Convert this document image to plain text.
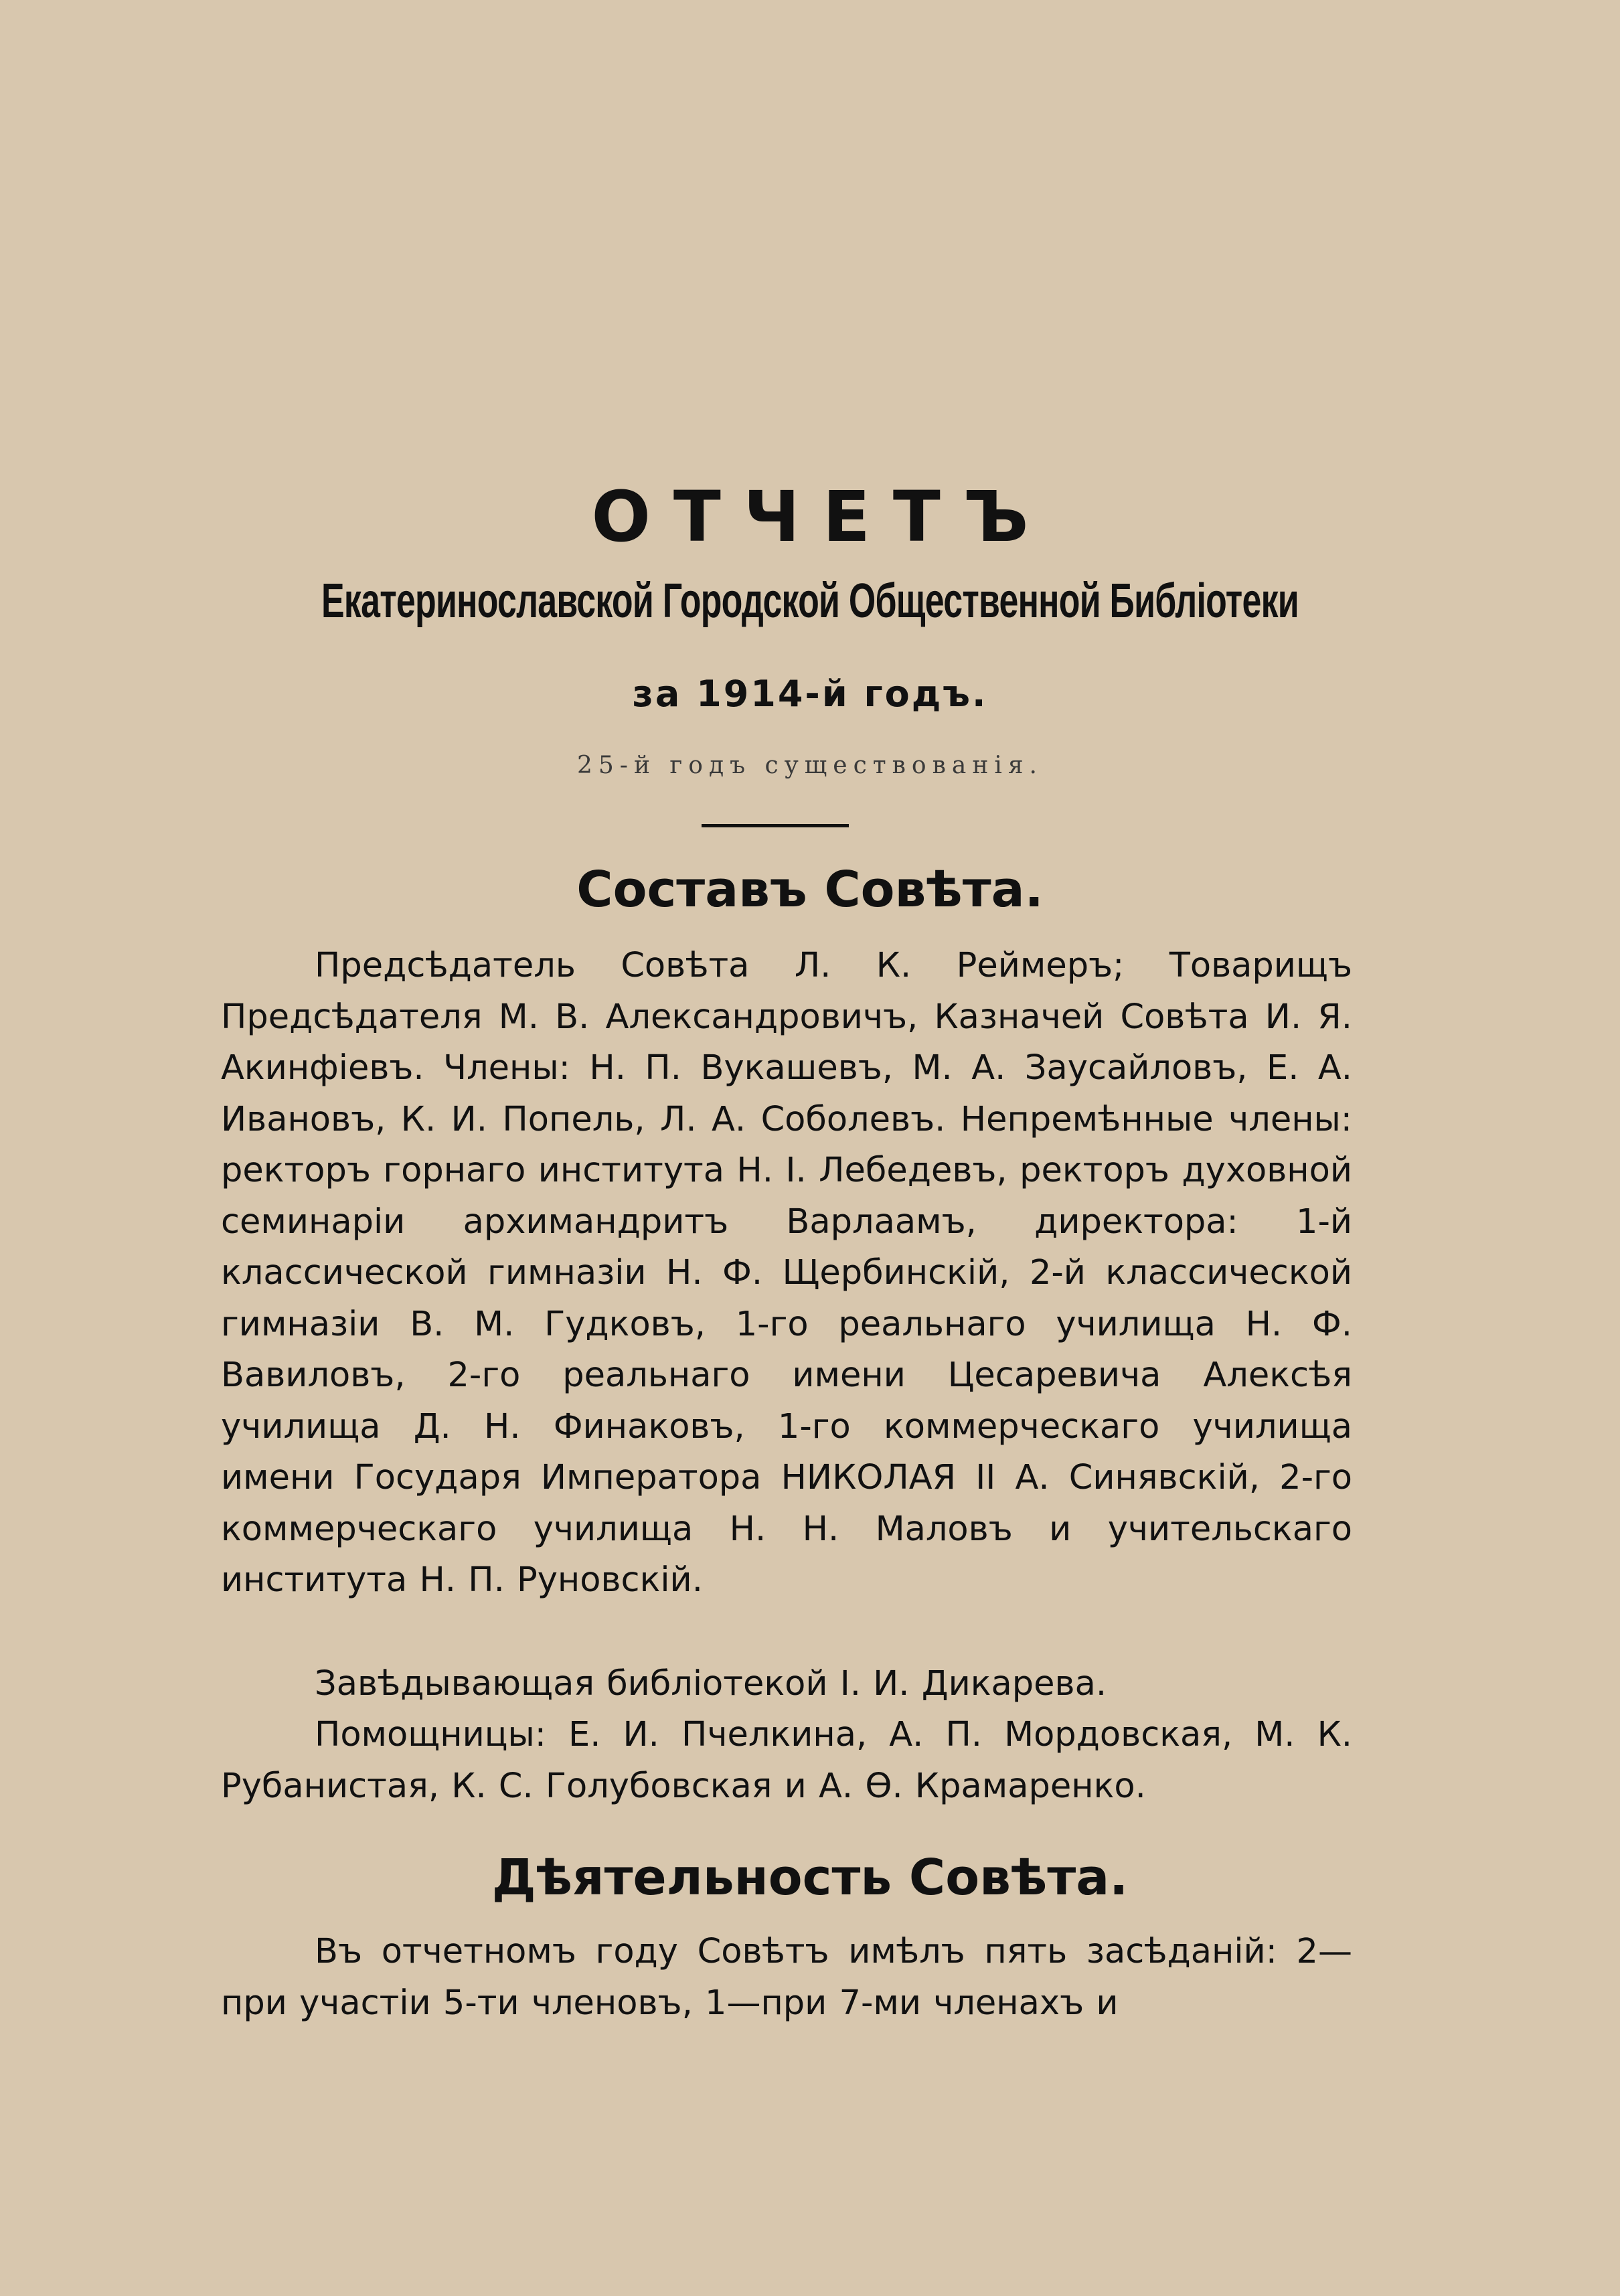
ОТЧЕТЪ
Екатеринославской Городской Общественной Библіотеки
за 1914-й годъ.
25-й годъ существованія.
Составъ Совѣта.
Предсѣдатель Совѣта Л. К. Реймеръ; Товарищъ Предсѣдателя М. В. Александровичъ, Казначей Совѣта И. Я. Акинфіевъ. Члены: Н. П. Вукашевъ, М. А. Заусайловъ, Е. А. Ивановъ, К. И. Попель, Л. А. Соболевъ. Непремѣнные члены: ректоръ горнаго института Н. І. Лебедевъ, ректоръ духовной семинаріи архимандритъ Варлаамъ, директора: 1-й классической гимназіи Н. Ф. Щербинскій, 2-й классической гимназіи В. М. Гудковъ, 1-го реальнаго училища Н. Ф. Вавиловъ, 2-го реальнаго имени Цесаревича Алексѣя училища Д. Н. Финаковъ, 1-го коммерческаго училища имени Государя Императора НИКОЛАЯ II А. Синявскій, 2-го коммерческаго училища Н. Н. Маловъ и учительскаго института Н. П. Руновскій.
Завѣдывающая библіотекой І. И. Дикарева.
Помощницы: Е. И. Пчелкина, А. П. Мордовская, М. К. Рубанистая, К. С. Голубовская и А. Ѳ. Крамаренко.
Дѣятельность Совѣта.
Въ отчетномъ году Совѣтъ имѣлъ пять засѣданій: 2—при участіи 5-ти членовъ, 1—при 7-ми членахъ и
